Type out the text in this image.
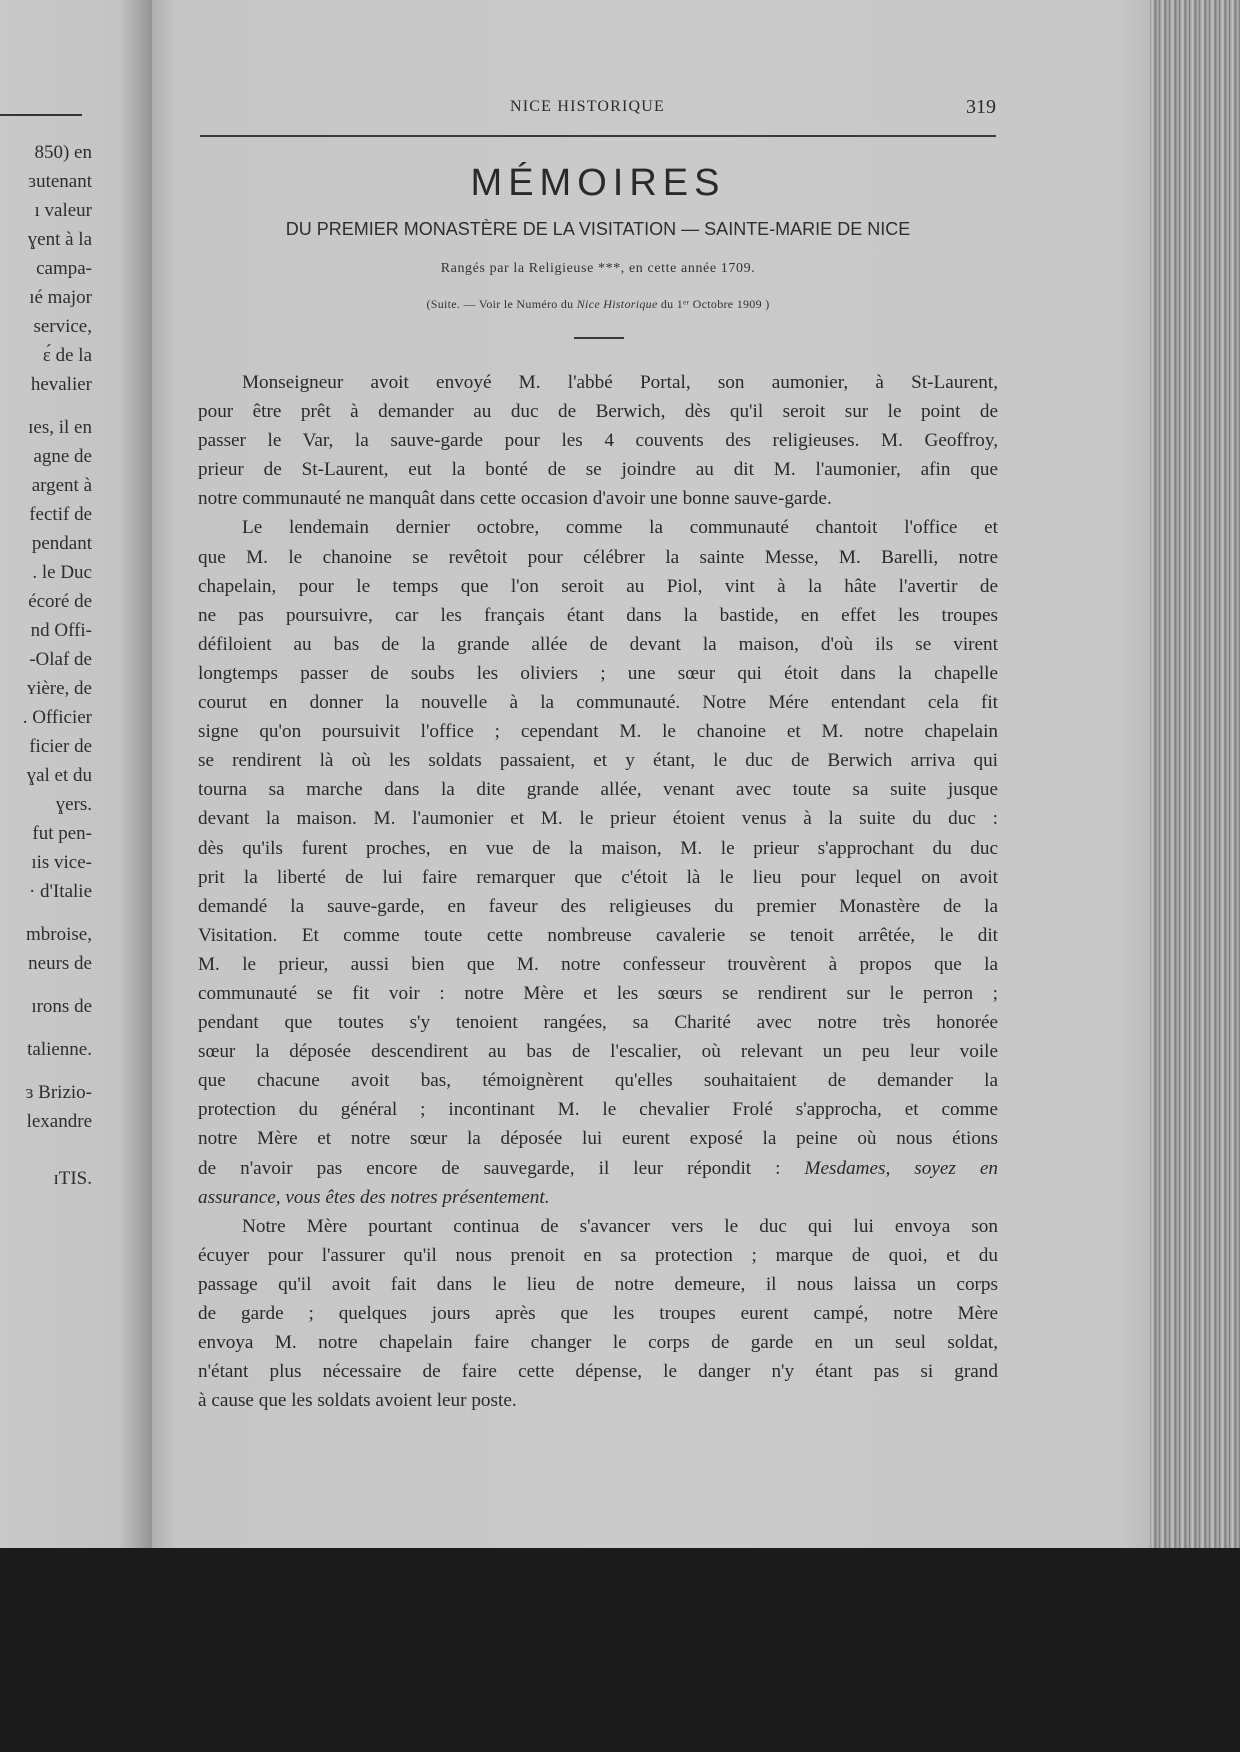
850) en
ɜutenant
ı valeur
ɣent à la
campa-
ıé major
service,
ɛ́ de la
hevalier
ɪes, il en
agne de
argent à
fectif de
pendant
. le Duc
écoré de
nd Offi-
-Olaf de
ʏière, de
. Officier
ficier de
ɣal et du
ɣers.
fut pen-
ıis vice-
· d'Italie
mbroise,
neurs de
ırons de
talienne.
ɜ Brizio-
lexandre
ɪTIS.
NICE HISTORIQUE	319
MÉMOIRES
DU PREMIER MONASTÈRE DE LA VISITATION — SAINTE-MARIE DE NICE
Rangés par la Religieuse ***, en cette année 1709.
(Suite. — Voir le Numéro du Nice Historique du 1ᵉʳ Octobre 1909 )
Monseigneur avoit envoyé M. l'abbé Portal, son aumonier, à St-Laurent,
pour être prêt à demander au duc de Berwich, dès qu'il seroit sur le point de
passer le Var, la sauve-garde pour les 4 couvents des religieuses. M. Geoffroy,
prieur de St-Laurent, eut la bonté de se joindre au dit M. l'aumonier, afin que
notre communauté ne manquât dans cette occasion d'avoir une bonne sauve-garde.
Le lendemain dernier octobre, comme la communauté chantoit l'office et
que M. le chanoine se revêtoit pour célébrer la sainte Messe, M. Barelli, notre
chapelain, pour le temps que l'on seroit au Piol, vint à la hâte l'avertir de
ne pas poursuivre, car les français étant dans la bastide, en effet les troupes
défiloient au bas de la grande allée de devant la maison, d'où ils se virent
longtemps passer de soubs les oliviers ; une sœur qui étoit dans la chapelle
courut en donner la nouvelle à la communauté. Notre Mére entendant cela fit
signe qu'on poursuivit l'office ; cependant M. le chanoine et M. notre chapelain
se rendirent là où les soldats passaient, et y étant, le duc de Berwich arriva qui
tourna sa marche dans la dite grande allée, venant avec toute sa suite jusque
devant la maison. M. l'aumonier et M. le prieur étoient venus à la suite du duc :
dès qu'ils furent proches, en vue de la maison, M. le prieur s'approchant du duc
prit la liberté de lui faire remarquer que c'étoit là le lieu pour lequel on avoit
demandé la sauve-garde, en faveur des religieuses du premier Monastère de la
Visitation. Et comme toute cette nombreuse cavalerie se tenoit arrêtée, le dit
M. le prieur, aussi bien que M. notre confesseur trouvèrent à propos que la
communauté se fit voir : notre Mère et les sœurs se rendirent sur le perron ;
pendant que toutes s'y tenoient rangées, sa Charité avec notre très honorée
sœur la déposée descendirent au bas de l'escalier, où relevant un peu leur voile
que chacune avoit bas, témoignèrent qu'elles souhaitaient de demander la
protection du général ; incontinant M. le chevalier Frolé s'approcha, et comme
notre Mère et notre sœur la déposée lui eurent exposé la peine où nous étions
de n'avoir pas encore de sauvegarde, il leur répondit : Mesdames, soyez en
assurance, vous êtes des notres présentement.
Notre Mère pourtant continua de s'avancer vers le duc qui lui envoya son
écuyer pour l'assurer qu'il nous prenoit en sa protection ; marque de quoi, et du
passage qu'il avoit fait dans le lieu de notre demeure, il nous laissa un corps
de garde ; quelques jours après que les troupes eurent campé, notre Mère
envoya M. notre chapelain faire changer le corps de garde en un seul soldat,
n'étant plus nécessaire de faire cette dépense, le danger n'y étant pas si grand
à cause que les soldats avoient leur poste.
